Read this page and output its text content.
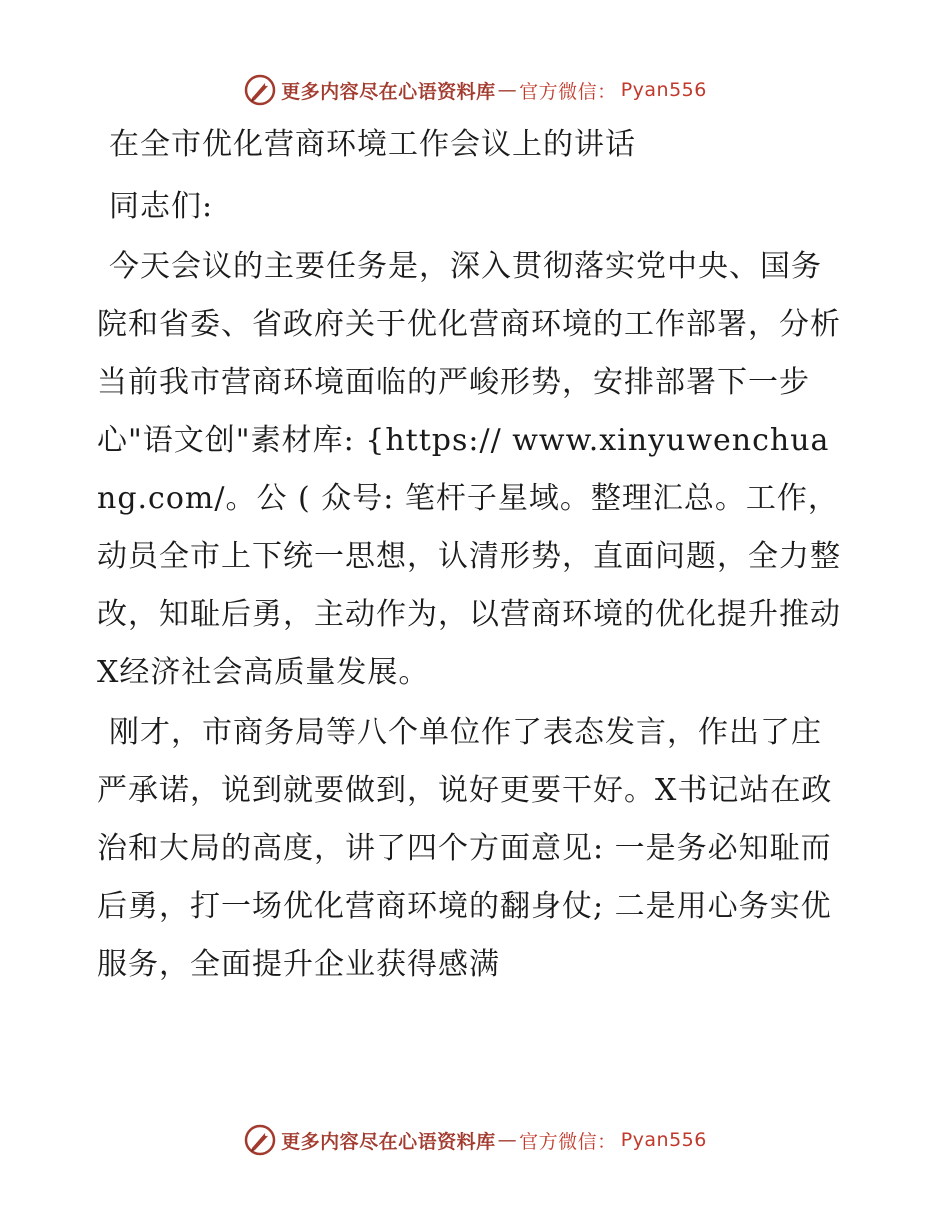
更多内容尽在心语资料库 — 官方微信： Pyan556

在全市优化营商环境工作会议上的讲话

同志们:

今天会议的主要任务是，深入贯彻落实党中央、国务院和省委、省政府关于优化营商环境的工作部署，分析当前我市营商环境面临的严峻形势，安排部署下一步心"语文创"素材库: {https:// www.xinyuwenchuang.com/。公 ( 众号: 笔杆子星域。整理汇总。工作，动员全市上下统一思想，认清形势，直面问题，全力整改，知耻后勇，主动作为，以营商环境的优化提升推动X经济社会高质量发展。

刚才，市商务局等八个单位作了表态发言，作出了庄严承诺，说到就要做到，说好更要干好。X书记站在政治和大局的高度，讲了四个方面意见: 一是务必知耻而后勇，打一场优化营商环境的翻身仗; 二是用心务实优服务，全面提升企业获得感满

更多内容尽在心语资料库 — 官方微信： Pyan556
